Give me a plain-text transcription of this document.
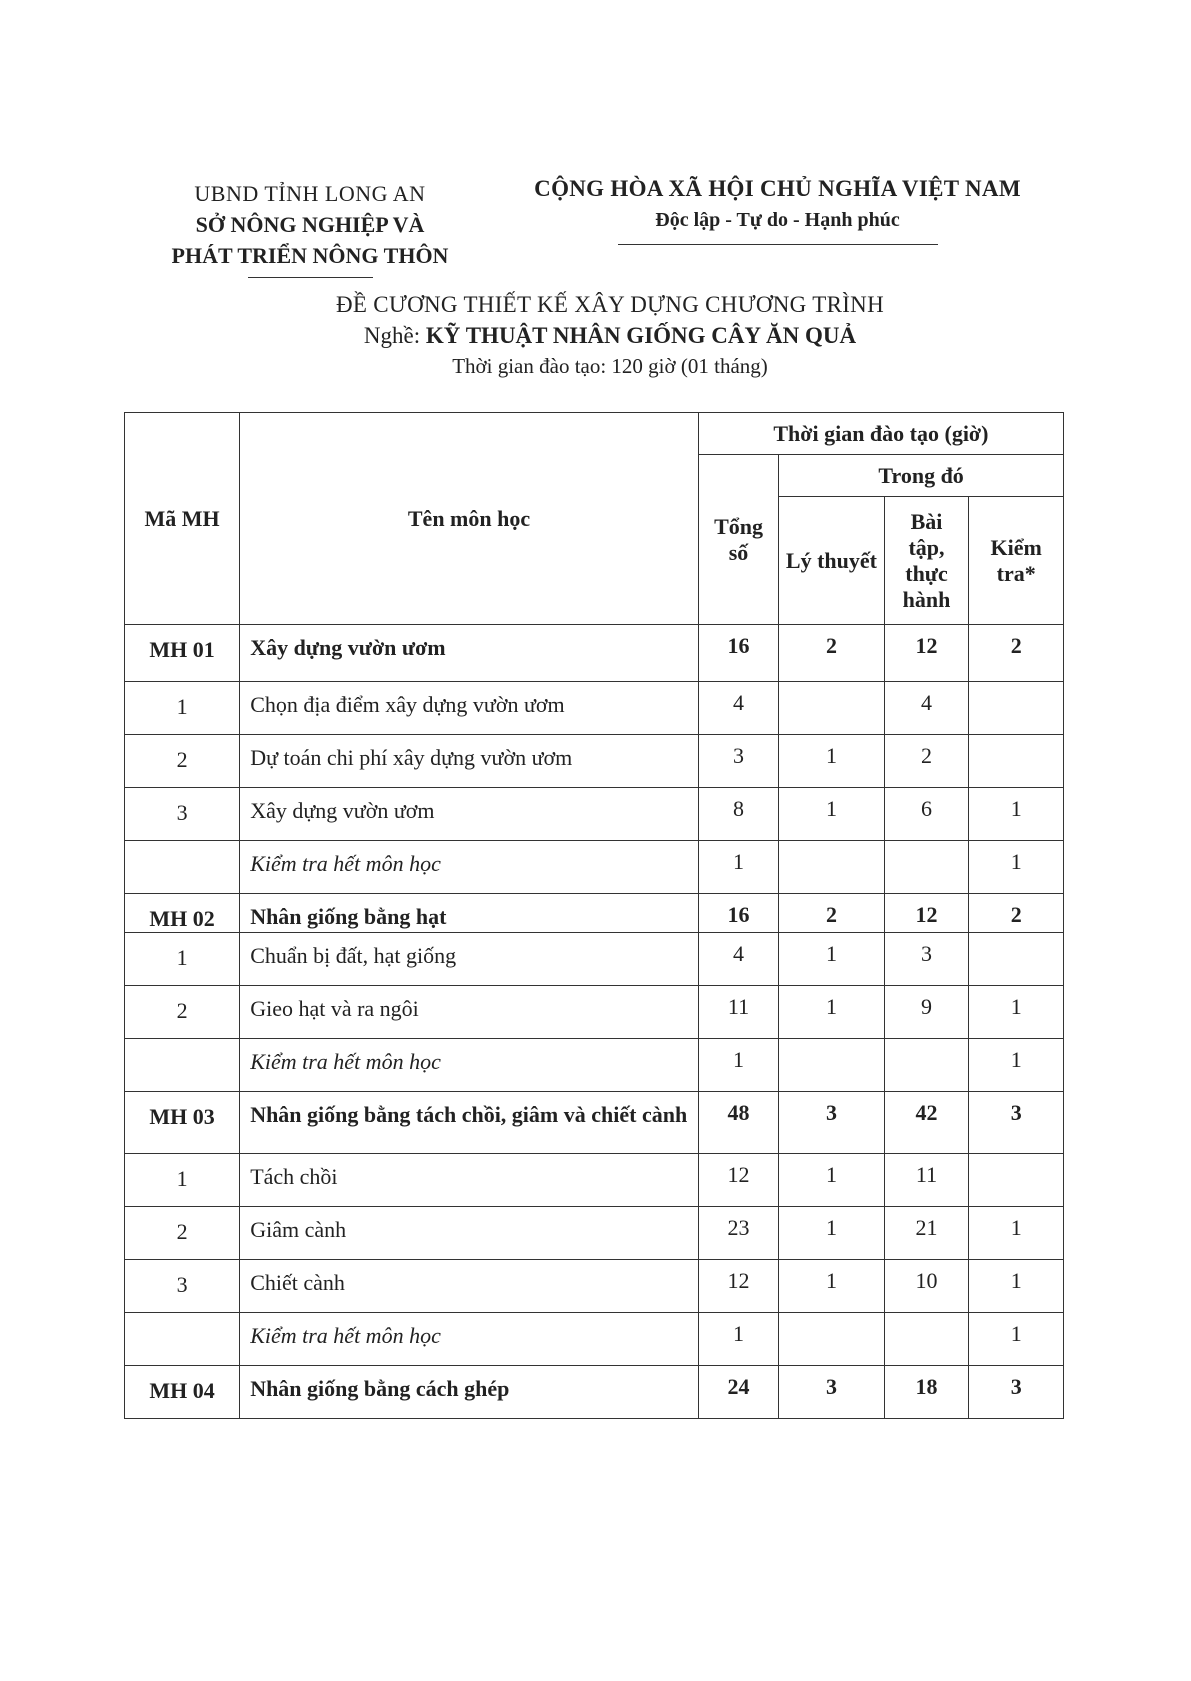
UBND TỈNH LONG AN
SỞ NÔNG NGHIỆP VÀ
PHÁT TRIỂN NÔNG THÔN
CỘNG HÒA XÃ HỘI CHỦ NGHĨA VIỆT NAM
Độc lập - Tự do - Hạnh phúc
ĐỀ CƯƠNG THIẾT KẾ XÂY DỰNG CHƯƠNG TRÌNH
Nghề: KỸ THUẬT NHÂN GIỐNG CÂY ĂN QUẢ
Thời gian đào tạo: 120 giờ (01 tháng)
Mã MH	Tên môn học	Thời gian đào tạo (giờ)			
		Tổng số	Trong đó		
			Lý thuyết	Bài tập, thực hành	Kiểm tra*
MH 01	Xây dựng vườn ươm	16	2	12	2
1	Chọn địa điểm xây dựng vườn ươm	4		4	
2	Dự toán chi phí xây dựng vườn ươm	3	1	2	
3	Xây dựng vườn ươm	8	1	6	1
	Kiểm tra hết môn học	1			1
MH 02	Nhân giống bằng hạt	16	2	12	2
1	Chuẩn bị đất, hạt giống	4	1	3	
2	Gieo hạt và ra ngôi	11	1	9	1
	Kiểm tra hết môn học	1			1
MH 03	Nhân giống bằng tách chồi, giâm và chiết cành	48	3	42	3
1	Tách chồi	12	1	11	
2	Giâm cành	23	1	21	1
3	Chiết cành	12	1	10	1
	Kiểm tra hết môn học	1			1
MH 04	Nhân giống bằng cách ghép	24	3	18	3
